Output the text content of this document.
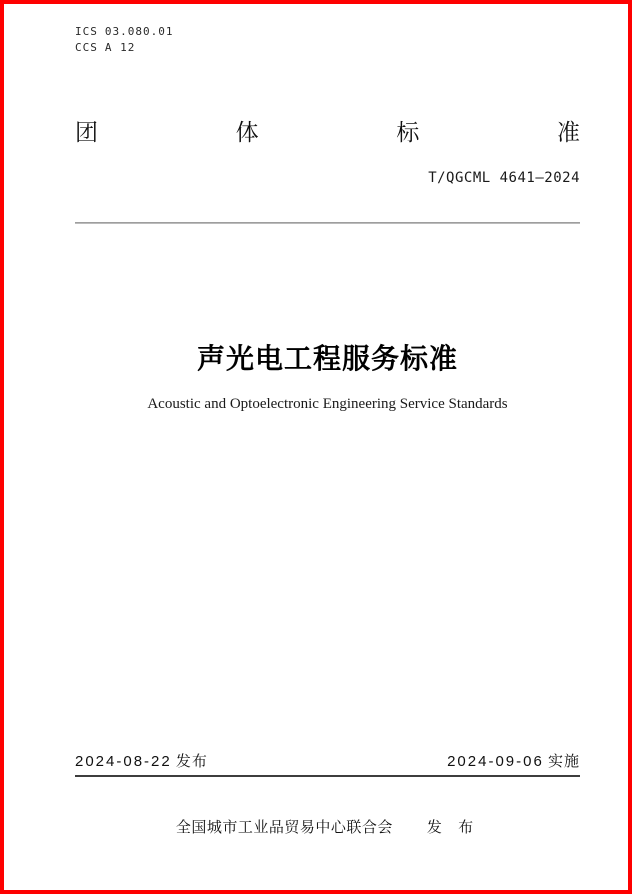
ICS 03.080.01
CCS A 12
团	体	标	准
T/QGCML 4641—2024
声光电工程服务标准
Acoustic and Optoelectronic Engineering Service Standards
2024-08-22 发布	2024-09-06 实施
全国城市工业品贸易中心联合会 发 布
